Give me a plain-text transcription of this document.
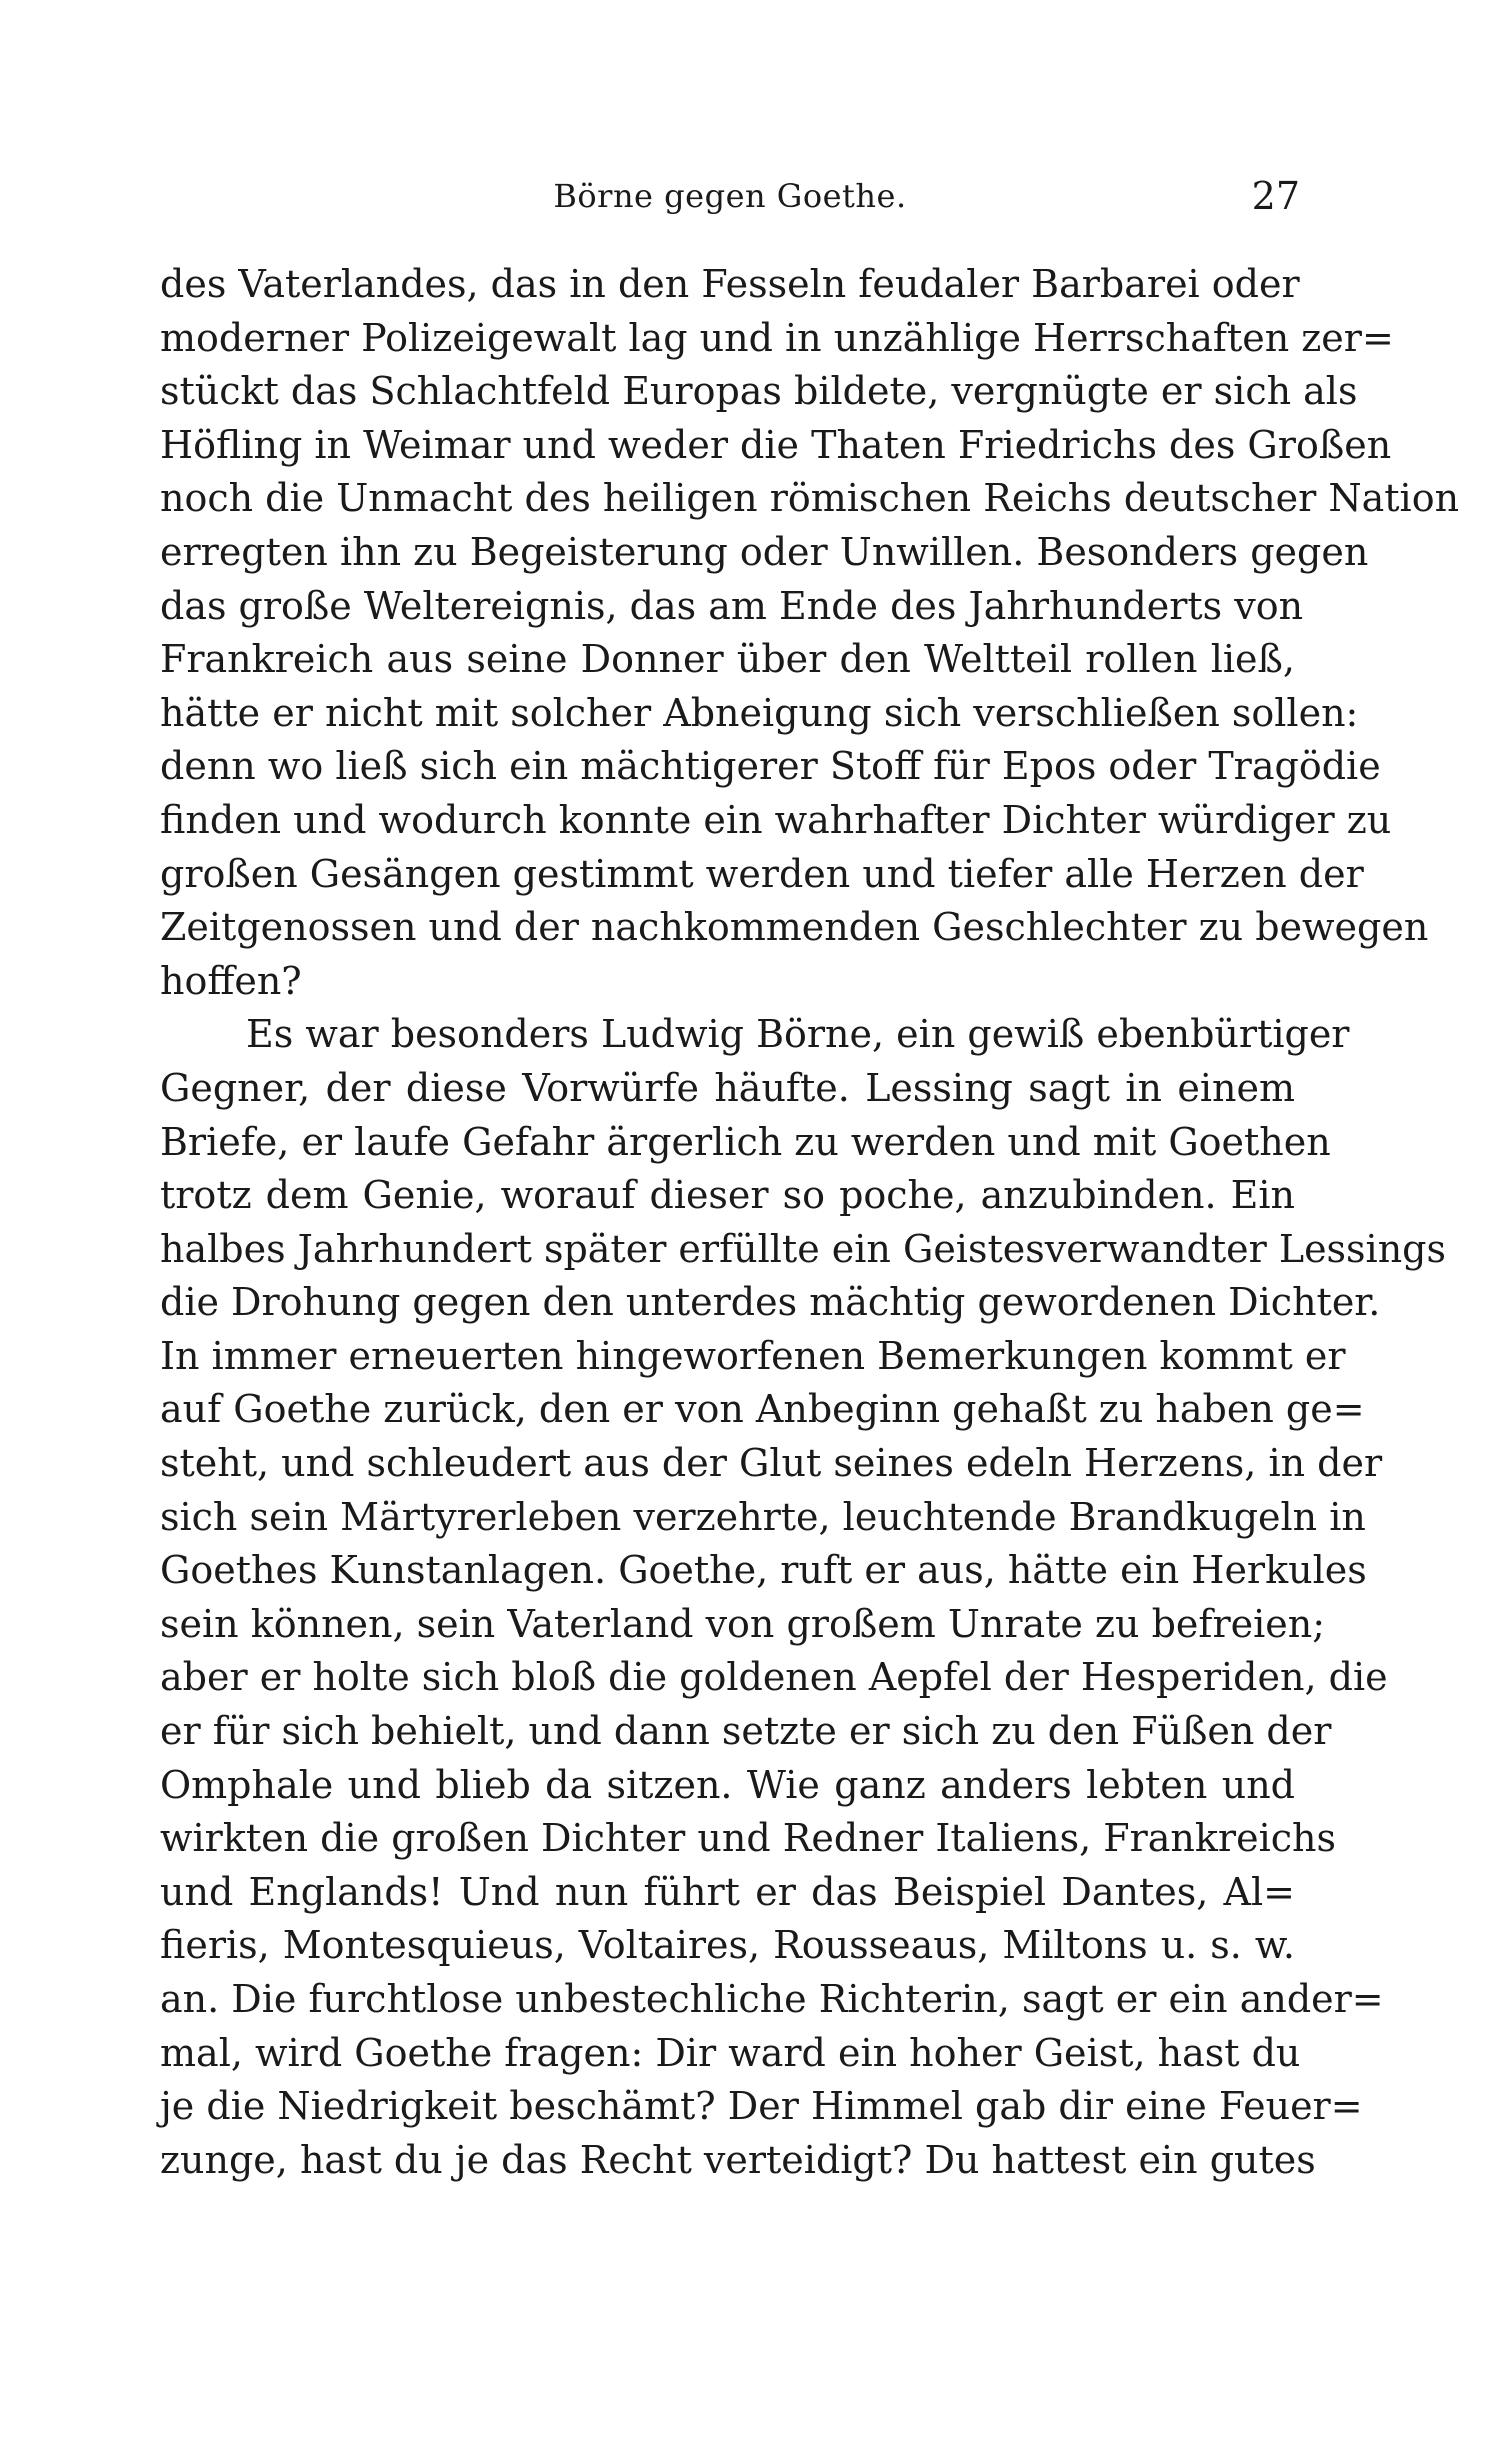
Börne gegen Goethe.	27
des Vaterlandes, das in den Fesseln feudaler Barbarei oder
moderner Polizeigewalt lag und in unzählige Herrschaften zer=
stückt das Schlachtfeld Europas bildete, vergnügte er sich als
Höfling in Weimar und weder die Thaten Friedrichs des Großen
noch die Unmacht des heiligen römischen Reichs deutscher Nation
erregten ihn zu Begeisterung oder Unwillen. Besonders gegen
das große Weltereignis, das am Ende des Jahrhunderts von
Frankreich aus seine Donner über den Weltteil rollen ließ,
hätte er nicht mit solcher Abneigung sich verschließen sollen:
denn wo ließ sich ein mächtigerer Stoff für Epos oder Tragödie
finden und wodurch konnte ein wahrhafter Dichter würdiger zu
großen Gesängen gestimmt werden und tiefer alle Herzen der
Zeitgenossen und der nachkommenden Geschlechter zu bewegen
hoffen?
Es war besonders Ludwig Börne, ein gewiß ebenbürtiger
Gegner, der diese Vorwürfe häufte. Lessing sagt in einem
Briefe, er laufe Gefahr ärgerlich zu werden und mit Goethen
trotz dem Genie, worauf dieser so poche, anzubinden. Ein
halbes Jahrhundert später erfüllte ein Geistesverwandter Lessings
die Drohung gegen den unterdes mächtig gewordenen Dichter.
In immer erneuerten hingeworfenen Bemerkungen kommt er
auf Goethe zurück, den er von Anbeginn gehaßt zu haben ge=
steht, und schleudert aus der Glut seines edeln Herzens, in der
sich sein Märtyrerleben verzehrte, leuchtende Brandkugeln in
Goethes Kunstanlagen. Goethe, ruft er aus, hätte ein Herkules
sein können, sein Vaterland von großem Unrate zu befreien;
aber er holte sich bloß die goldenen Aepfel der Hesperiden, die
er für sich behielt, und dann setzte er sich zu den Füßen der
Omphale und blieb da sitzen. Wie ganz anders lebten und
wirkten die großen Dichter und Redner Italiens, Frankreichs
und Englands! Und nun führt er das Beispiel Dantes, Al=
fieris, Montesquieus, Voltaires, Rousseaus, Miltons u. s. w.
an. Die furchtlose unbestechliche Richterin, sagt er ein ander=
mal, wird Goethe fragen: Dir ward ein hoher Geist, hast du
je die Niedrigkeit beschämt? Der Himmel gab dir eine Feuer=
zunge, hast du je das Recht verteidigt? Du hattest ein gutes
